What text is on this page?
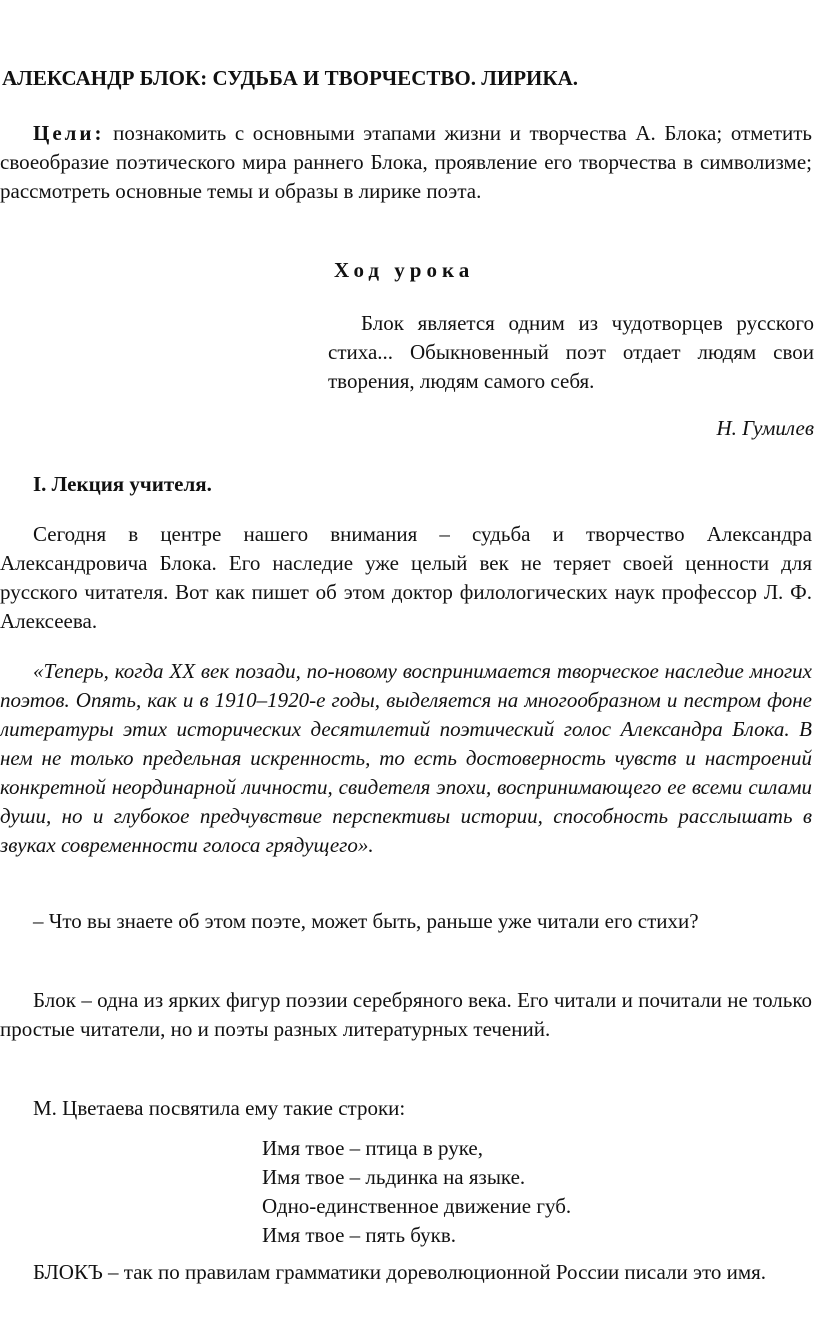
АЛЕКСАНДР БЛОК: СУДЬБА И ТВОРЧЕСТВО. ЛИРИКА.

Цели: познакомить с основными этапами жизни и творчества А. Блока; отметить своеобразие поэтического мира раннего Блока, проявление его творчества в символизме; рассмотреть основные темы и образы в лирике поэта.

Ход урока

Блок является одним из чудотворцев русского стиха... Обыкновенный поэт отдает людям свои творения, людям самого себя.

Н. Гумилев
I. Лекция учителя.

Сегодня в центре нашего внимания – судьба и творчество Александра Александровича Блока. Его наследие уже целый век не теряет своей ценности для русского читателя. Вот как пишет об этом доктор филологических наук профессор Л. Ф. Алексеева.

«Теперь, когда XX век позади, по-новому воспринимается творческое наследие многих поэтов. Опять, как и в 1910–1920-е годы, выделяется на многообразном и пестром фоне литературы этих исторических десятилетий поэтический голос Александра Блока. В нем не только предельная искренность, то есть достоверность чувств и настроений конкретной неординарной личности, свидетеля эпохи, воспринимающего ее всеми силами души, но и глубокое предчувствие перспективы истории, способность расслышать в звуках современности голоса грядущего».

– Что вы знаете об этом поэте, может быть, раньше уже читали его стихи?

Блок – одна из ярких фигур поэзии серебряного века. Его читали и почитали не только простые читатели, но и поэты разных литературных течений.

М. Цветаева посвятила ему такие строки:

Имя твое – птица в руке,
Имя твое – льдинка на языке.
Одно-единственное движение губ.
Имя твое – пять букв.

БЛОКЪ – так по правилам грамматики дореволюционной России писали это имя.
